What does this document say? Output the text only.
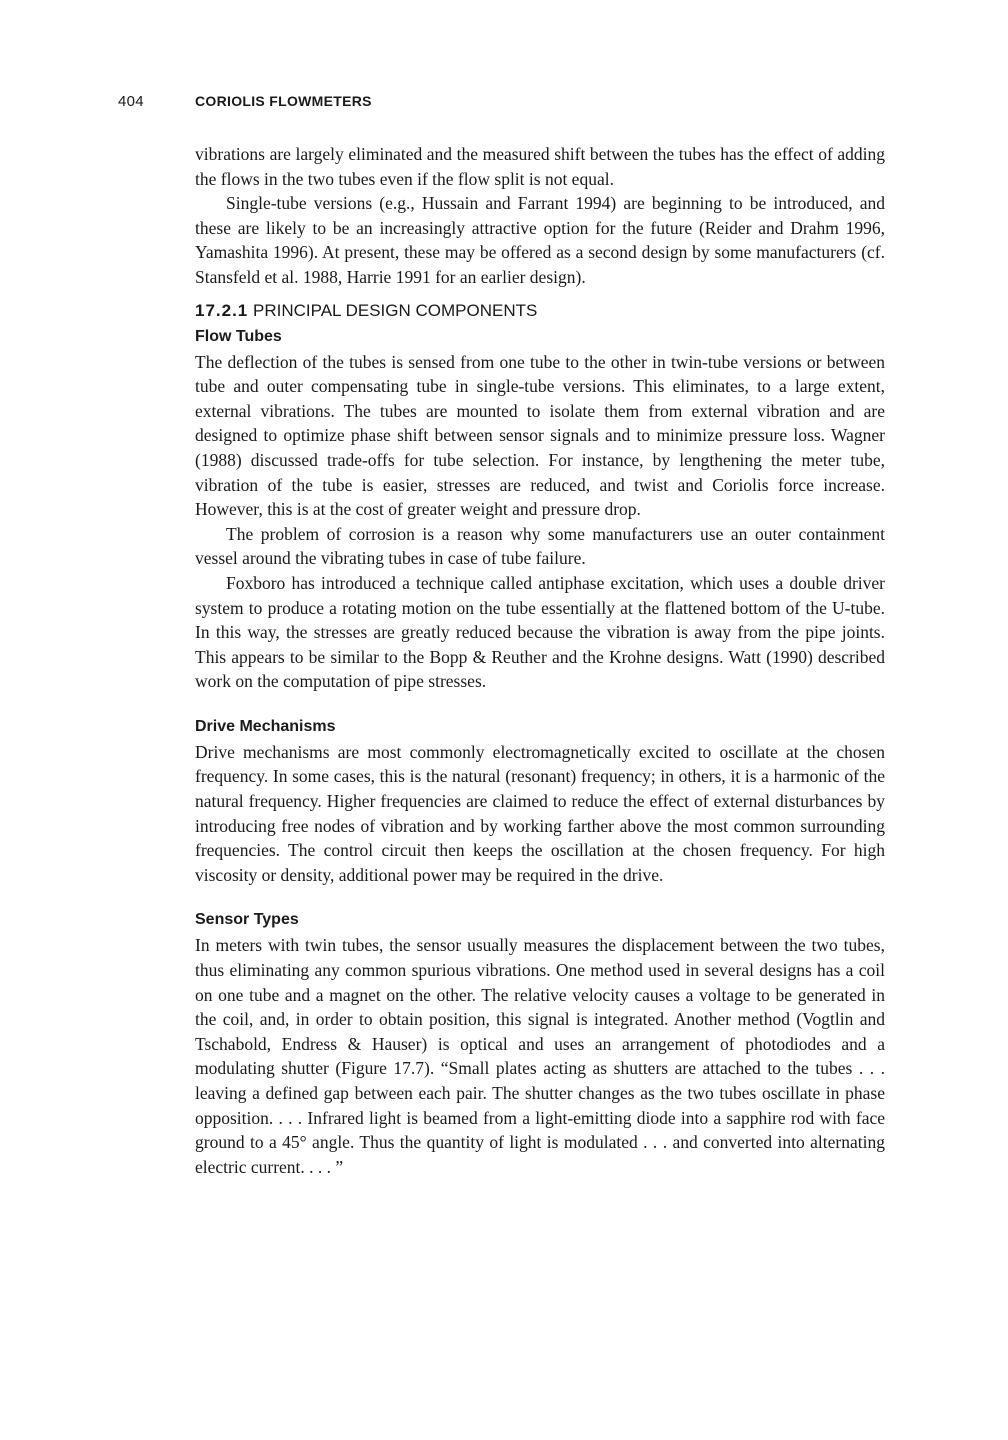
404	CORIOLIS FLOWMETERS

vibrations are largely eliminated and the measured shift between the tubes has the effect of adding the flows in the two tubes even if the flow split is not equal.

Single-tube versions (e.g., Hussain and Farrant 1994) are beginning to be introduced, and these are likely to be an increasingly attractive option for the future (Reider and Drahm 1996, Yamashita 1996). At present, these may be offered as a second design by some manufacturers (cf. Stansfeld et al. 1988, Harrie 1991 for an earlier design).

17.2.1 PRINCIPAL DESIGN COMPONENTS
Flow Tubes

The deflection of the tubes is sensed from one tube to the other in twin-tube versions or between tube and outer compensating tube in single-tube versions. This eliminates, to a large extent, external vibrations. The tubes are mounted to isolate them from external vibration and are designed to optimize phase shift between sensor signals and to minimize pressure loss. Wagner (1988) discussed trade-offs for tube selection. For instance, by lengthening the meter tube, vibration of the tube is easier, stresses are reduced, and twist and Coriolis force increase. However, this is at the cost of greater weight and pressure drop.

The problem of corrosion is a reason why some manufacturers use an outer containment vessel around the vibrating tubes in case of tube failure.

Foxboro has introduced a technique called antiphase excitation, which uses a double driver system to produce a rotating motion on the tube essentially at the flattened bottom of the U-tube. In this way, the stresses are greatly reduced because the vibration is away from the pipe joints. This appears to be similar to the Bopp & Reuther and the Krohne designs. Watt (1990) described work on the computation of pipe stresses.

Drive Mechanisms

Drive mechanisms are most commonly electromagnetically excited to oscillate at the chosen frequency. In some cases, this is the natural (resonant) frequency; in others, it is a harmonic of the natural frequency. Higher frequencies are claimed to reduce the effect of external disturbances by introducing free nodes of vibration and by working farther above the most common surrounding frequencies. The control circuit then keeps the oscillation at the chosen frequency. For high viscosity or density, additional power may be required in the drive.

Sensor Types

In meters with twin tubes, the sensor usually measures the displacement between the two tubes, thus eliminating any common spurious vibrations. One method used in several designs has a coil on one tube and a magnet on the other. The relative velocity causes a voltage to be generated in the coil, and, in order to obtain position, this signal is integrated. Another method (Vogtlin and Tschabold, Endress & Hauser) is optical and uses an arrangement of photodiodes and a modulating shutter (Figure 17.7). “Small plates acting as shutters are attached to the tubes . . . leaving a defined gap between each pair. The shutter changes as the two tubes oscillate in phase opposition. . . . Infrared light is beamed from a light-emitting diode into a sapphire rod with face ground to a 45° angle. Thus the quantity of light is modulated . . . and converted into alternating electric current. . . . ”
